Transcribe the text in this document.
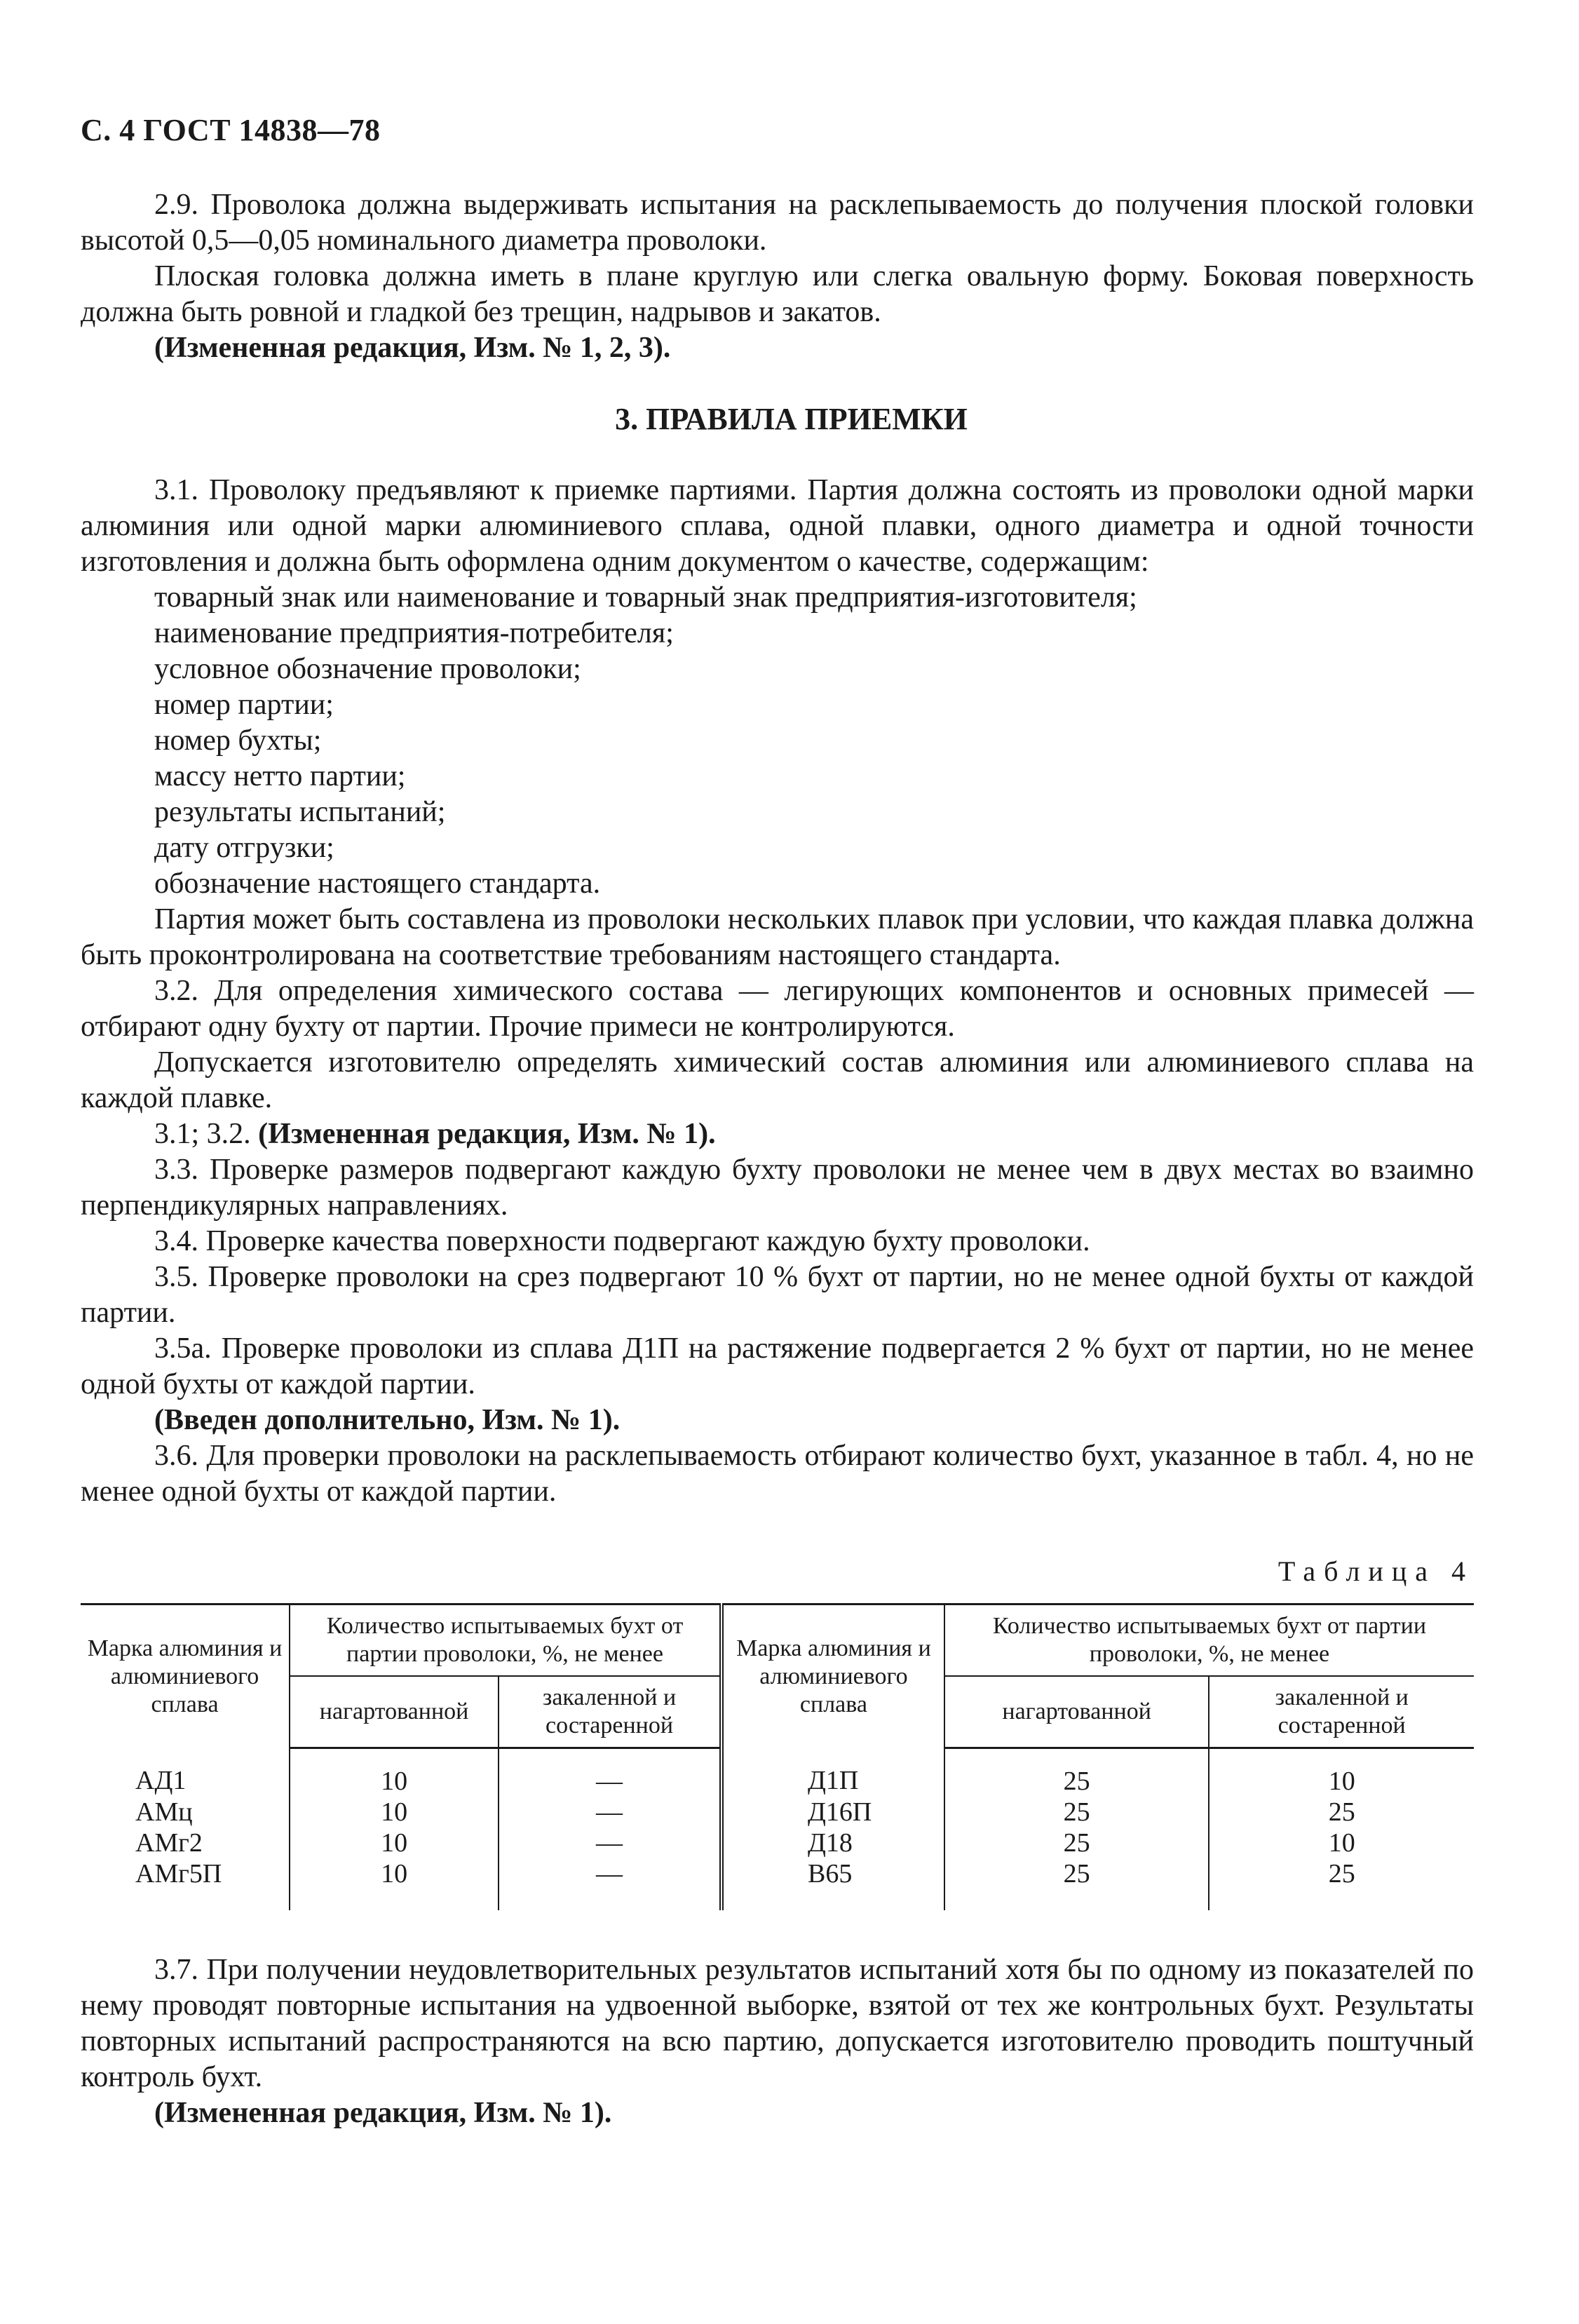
С. 4 ГОСТ 14838—78

2.9. Проволока должна выдерживать испытания на расклепываемость до получения плоской головки высотой 0,5—0,05 номинального диаметра проволоки.

Плоская головка должна иметь в плане круглую или слегка овальную форму. Боковая поверхность должна быть ровной и гладкой без трещин, надрывов и закатов.

(Измененная редакция, Изм. № 1, 2, 3).

3. ПРАВИЛА ПРИЕМКИ

3.1. Проволоку предъявляют к приемке партиями. Партия должна состоять из проволоки одной марки алюминия или одной марки алюминиевого сплава, одной плавки, одного диаметра и одной точности изготовления и должна быть оформлена одним документом о качестве, содержащим:

товарный знак или наименование и товарный знак предприятия-изготовителя;

наименование предприятия-потребителя;

условное обозначение проволоки;

номер партии;

номер бухты;

массу нетто партии;

результаты испытаний;

дату отгрузки;

обозначение настоящего стандарта.

Партия может быть составлена из проволоки нескольких плавок при условии, что каждая плавка должна быть проконтролирована на соответствие требованиям настоящего стандарта.

3.2. Для определения химического состава — легирующих компонентов и основных примесей — отбирают одну бухту от партии. Прочие примеси не контролируются.

Допускается изготовителю определять химический состав алюминия или алюминиевого сплава на каждой плавке.

3.1; 3.2. (Измененная редакция, Изм. № 1).

3.3. Проверке размеров подвергают каждую бухту проволоки не менее чем в двух местах во взаимно перпендикулярных направлениях.

3.4. Проверке качества поверхности подвергают каждую бухту проволоки.

3.5. Проверке проволоки на срез подвергают 10 % бухт от партии, но не менее одной бухты от каждой партии.

3.5а. Проверке проволоки из сплава Д1П на растяжение подвергается 2 % бухт от партии, но не менее одной бухты от каждой партии.

(Введен дополнительно, Изм. № 1).

3.6. Для проверки проволоки на расклепываемость отбирают количество бухт, указанное в табл. 4, но не менее одной бухты от каждой партии.

Таблица 4
Марка алюминия и алюминиевого сплава	Количество испытываемых бухт от партии проволоки, %, не менее		Марка алюминия и алюминиевого сплава	Количество испытываемых бухт от партии проволоки, %, не менее	
	нагартованной	закаленной и состаренной		нагартованной	закаленной и состаренной
АД1	10	—	Д1П	25	10
АМц	10	—	Д16П	25	25
АМг2	10	—	Д18	25	10
АМг5П	10	—	В65	25	25

3.7. При получении неудовлетворительных результатов испытаний хотя бы по одному из показателей по нему проводят повторные испытания на удвоенной выборке, взятой от тех же контрольных бухт. Результаты повторных испытаний распространяются на всю партию, допускается изготовителю проводить поштучный контроль бухт.

(Измененная редакция, Изм. № 1).
